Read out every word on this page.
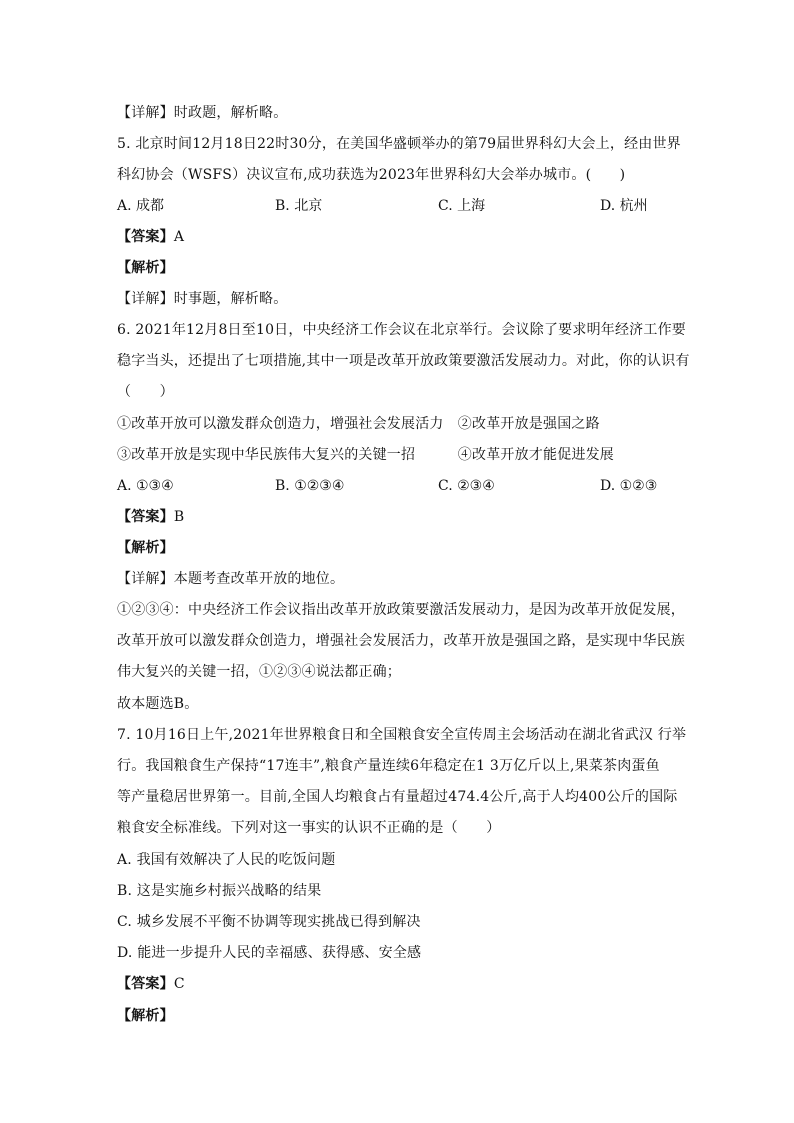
【详解】时政题，解析略。
5. 北京时间12月18日22时30分，在美国华盛顿举办的第79届世界科幻大会上，经由世界
科幻协会（WSFS）决议宣布,成功获选为2023年世界科幻大会举办城市。(　　)
A. 成都	B. 北京	C. 上海	D. 杭州
【答案】A
【解析】
【详解】时事题，解析略。
6. 2021年12月8日至10日，中央经济工作会议在北京举行。会议除了要求明年经济工作要
稳字当头，还提出了七项措施,其中一项是改革开放政策要激活发展动力。对此，你的认识有
（　　）
①改革开放可以激发群众创造力，增强社会发展活力　②改革开放是强国之路
③改革开放是实现中华民族伟大复兴的关键一招　　　④改革开放才能促进发展
A. ①③④	B. ①②③④	C. ②③④	D. ①②③
【答案】B
【解析】
【详解】本题考查改革开放的地位。
①②③④：中央经济工作会议指出改革开放政策要激活发展动力，是因为改革开放促发展，
改革开放可以激发群众创造力，增强社会发展活力，改革开放是强国之路，是实现中华民族
伟大复兴的关键一招，①②③④说法都正确；
故本题选B。
7. 10月16日上午,2021年世界粮食日和全国粮食安全宣传周主会场活动在湖北省武汉 行举
行。我国粮食生产保持“17连丰”,粮食产量连续6年稳定在1 3万亿斤以上,果菜茶肉蛋鱼
等产量稳居世界第一。目前,全国人均粮食占有量超过474.4公斤,高于人均400公斤的国际
粮食安全标准线。下列对这一事实的认识不正确的是（　　）
A. 我国有效解决了人民的吃饭问题
B. 这是实施乡村振兴战略的结果
C. 城乡发展不平衡不协调等现实挑战已得到解决
D. 能进一步提升人民的幸福感、获得感、安全感
【答案】C
【解析】
